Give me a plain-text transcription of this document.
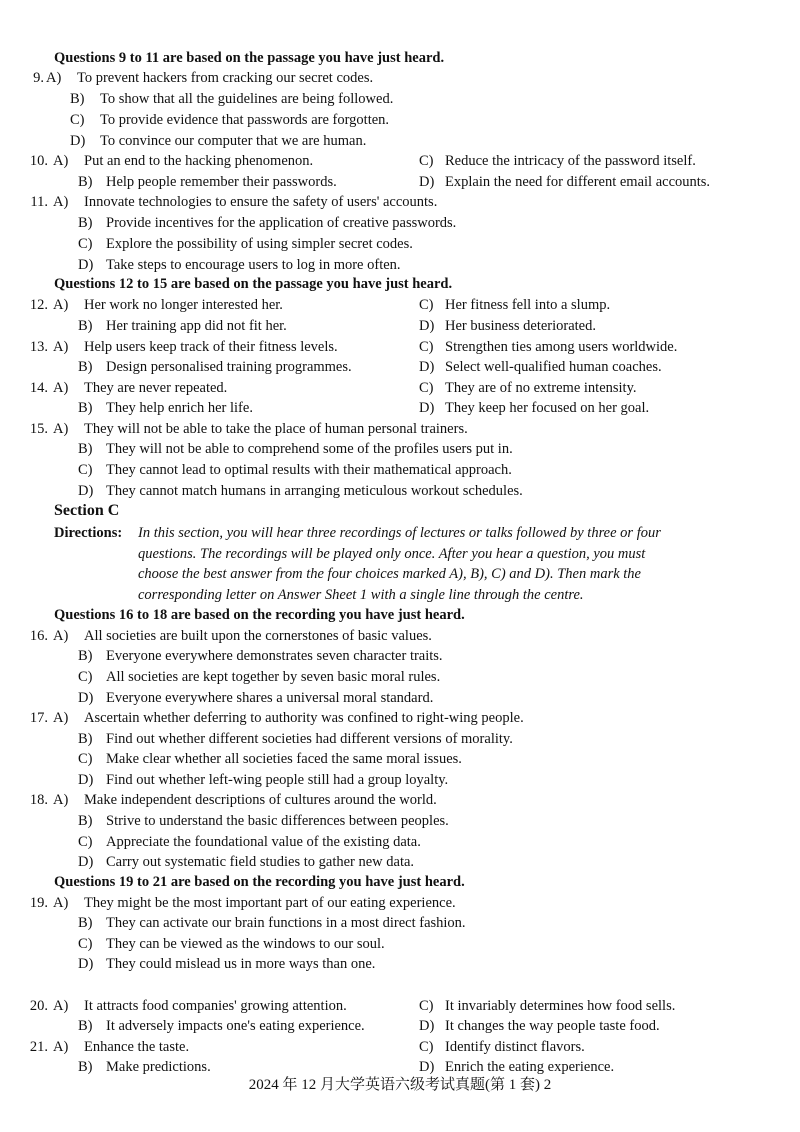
Questions 9 to 11 are based on the passage you have just heard.
9. A) To prevent hackers from cracking our secret codes.
B) To show that all the guidelines are being followed.
C) To provide evidence that passwords are forgotten.
D) To convince our computer that we are human.
10. A) Put an end to the hacking phenomenon.	C) Reduce the intricacy of the password itself.
B) Help people remember their passwords.	D) Explain the need for different email accounts.
11. A) Innovate technologies to ensure the safety of users' accounts.
B) Provide incentives for the application of creative passwords.
C) Explore the possibility of using simpler secret codes.
D) Take steps to encourage users to log in more often.
Questions 12 to 15 are based on the passage you have just heard.
12. A) Her work no longer interested her.	C) Her fitness fell into a slump.
B) Her training app did not fit her.	D) Her business deteriorated.
13. A) Help users keep track of their fitness levels.	C) Strengthen ties among users worldwide.
B) Design personalised training programmes.	D) Select well-qualified human coaches.
14. A) They are never repeated.	C) They are of no extreme intensity.
B) They help enrich her life.	D) They keep her focused on her goal.
15. A) They will not be able to take the place of human personal trainers.
B) They will not be able to comprehend some of the profiles users put in.
C) They cannot lead to optimal results with their mathematical approach.
D) They cannot match humans in arranging meticulous workout schedules.
Section C
Directions: In this section, you will hear three recordings of lectures or talks followed by three or four
questions. The recordings will be played only once. After you hear a question, you must
choose the best answer from the four choices marked A), B), C) and D). Then mark the
corresponding letter on Answer Sheet 1 with a single line through the centre.
Questions 16 to 18 are based on the recording you have just heard.
16. A) All societies are built upon the cornerstones of basic values.
B) Everyone everywhere demonstrates seven character traits.
C) All societies are kept together by seven basic moral rules.
D) Everyone everywhere shares a universal moral standard.
17. A) Ascertain whether deferring to authority was confined to right-wing people.
B) Find out whether different societies had different versions of morality.
C) Make clear whether all societies faced the same moral issues.
D) Find out whether left-wing people still had a group loyalty.
18. A) Make independent descriptions of cultures around the world.
B) Strive to understand the basic differences between peoples.
C) Appreciate the foundational value of the existing data.
D) Carry out systematic field studies to gather new data.
Questions 19 to 21 are based on the recording you have just heard.
19. A) They might be the most important part of our eating experience.
B) They can activate our brain functions in a most direct fashion.
C) They can be viewed as the windows to our soul.
D) They could mislead us in more ways than one.
20. A) It attracts food companies' growing attention.	C) It invariably determines how food sells.
B) It adversely impacts one's eating experience.	D) It changes the way people taste food.
21. A) Enhance the taste.	C) Identify distinct flavors.
B) Make predictions.	D) Enrich the eating experience.
2024 年 12 月大学英语六级考试真题(第 1 套) 2
